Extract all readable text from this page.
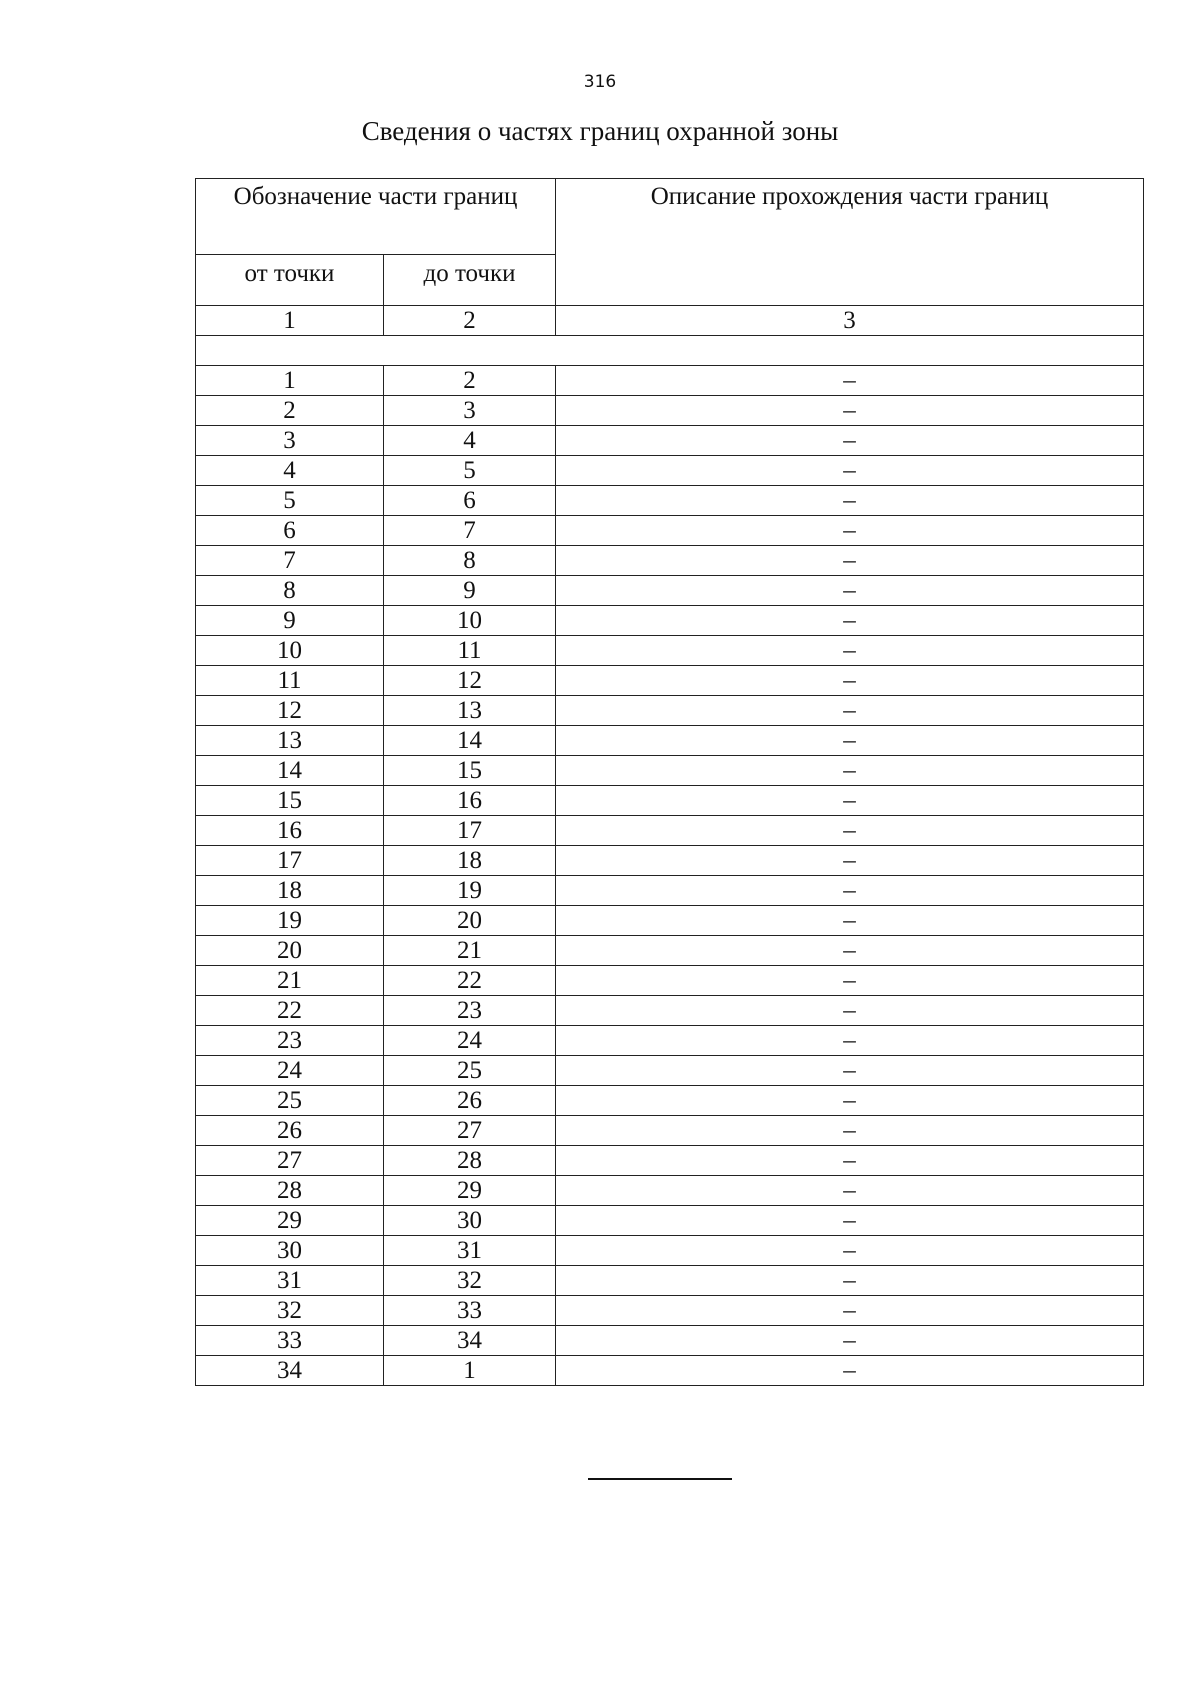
316
Сведения о частях границ охранной зоны
Обозначение части границ		Описание прохождения части границ
от точки	до точки	
1	2	3

1	2	–
2	3	–
3	4	–
4	5	–
5	6	–
6	7	–
7	8	–
8	9	–
9	10	–
10	11	–
11	12	–
12	13	–
13	14	–
14	15	–
15	16	–
16	17	–
17	18	–
18	19	–
19	20	–
20	21	–
21	22	–
22	23	–
23	24	–
24	25	–
25	26	–
26	27	–
27	28	–
28	29	–
29	30	–
30	31	–
31	32	–
32	33	–
33	34	–
34	1	–
